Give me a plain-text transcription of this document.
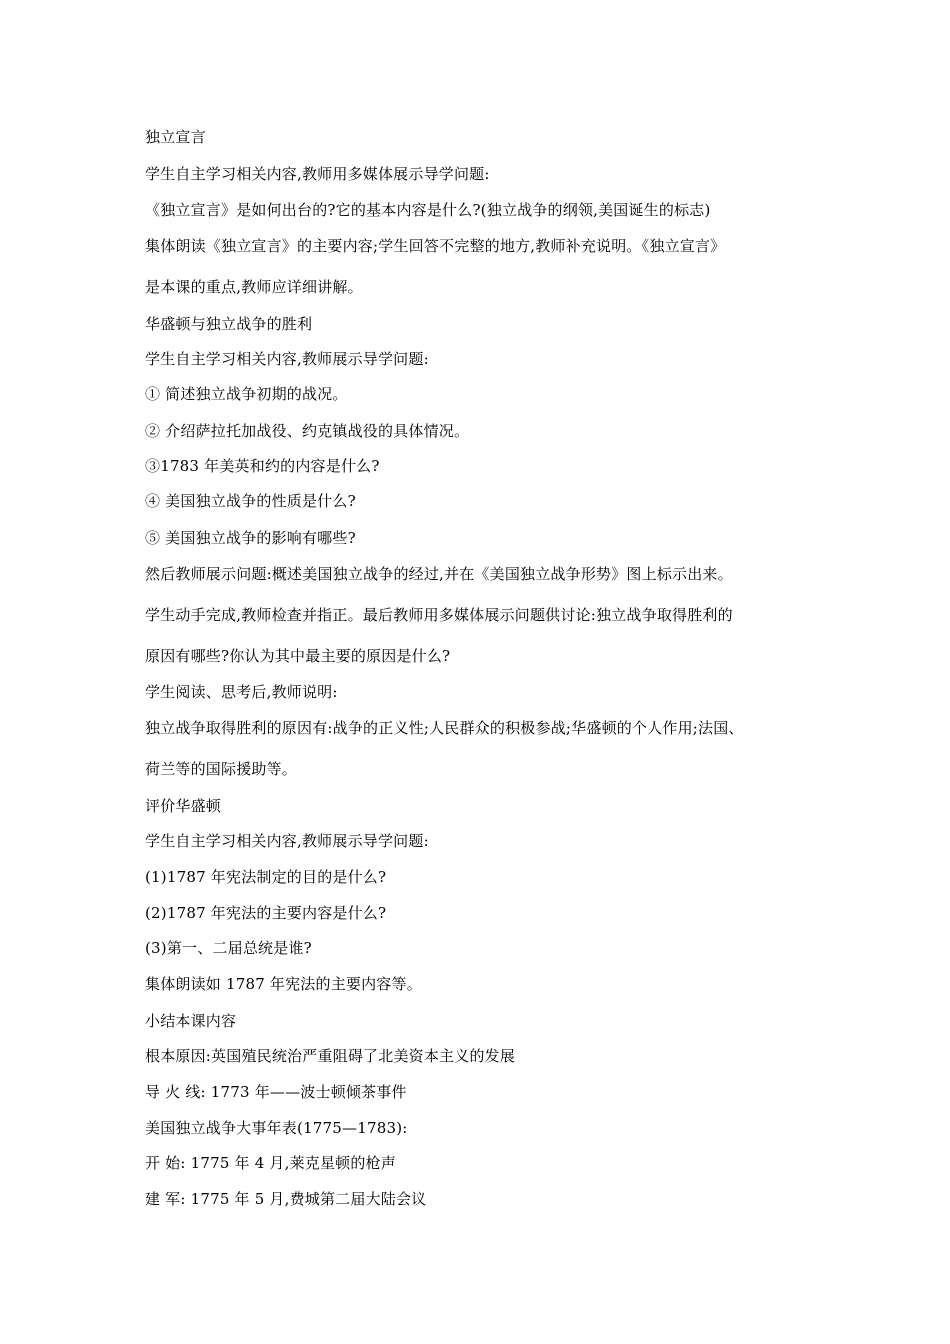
独立宣言
学生自主学习相关内容,教师用多媒体展示导学问题:
《独立宣言》是如何出台的?它的基本内容是什么?(独立战争的纲领,美国诞生的标志)
集体朗读《独立宣言》的主要内容;学生回答不完整的地方,教师补充说明。《独立宣言》
是本课的重点,教师应详细讲解。
华盛顿与独立战争的胜利
学生自主学习相关内容,教师展示导学问题:
① 简述独立战争初期的战况。
② 介绍萨拉托加战役、约克镇战役的具体情况。
③1783 年美英和约的内容是什么?
④ 美国独立战争的性质是什么?
⑤ 美国独立战争的影响有哪些?
然后教师展示问题:概述美国独立战争的经过,并在《美国独立战争形势》图上标示出来。
学生动手完成,教师检查并指正。最后教师用多媒体展示问题供讨论:独立战争取得胜利的
原因有哪些?你认为其中最主要的原因是什么?
学生阅读、思考后,教师说明:
独立战争取得胜利的原因有:战争的正义性;人民群众的积极参战;华盛顿的个人作用;法国、
荷兰等的国际援助等。
评价华盛顿
学生自主学习相关内容,教师展示导学问题:
(1)1787 年宪法制定的目的是什么?
(2)1787 年宪法的主要内容是什么?
(3)第一、二届总统是谁?
集体朗读如 1787 年宪法的主要内容等。
小结本课内容
根本原因:英国殖民统治严重阻碍了北美资本主义的发展
导 火 线: 1773 年——波士顿倾茶事件
美国独立战争大事年表(1775—1783):
开 始: 1775 年 4 月,莱克星顿的枪声
建 军: 1775 年 5 月,费城第二届大陆会议
